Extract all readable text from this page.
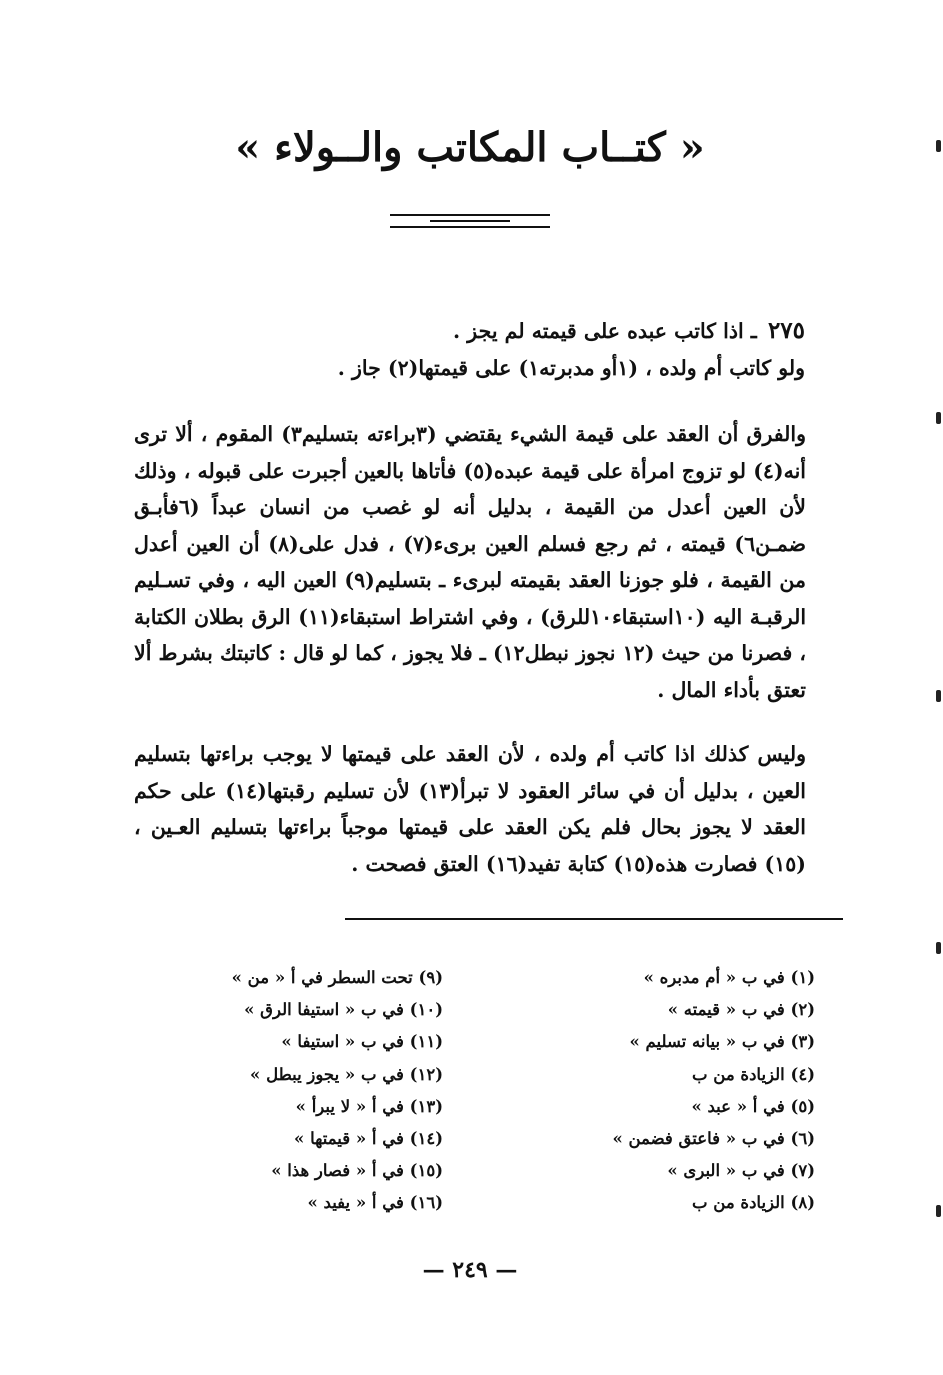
« كتــاب المكاتب والــولاء »
٢٧٥ ـ اذا كاتب عبده على قيمته لم يجز .
ولو كاتب أم ولده ، (١أو مدبرته١) على قيمتها(٢) جاز .

والفرق أن العقد على قيمة الشيء يقتضي (٣براءته بتسليم٣) المقوم ، ألا ترى أنه(٤) لو تزوج امرأة على قيمة عبده(٥) فأتاها بالعين أجبرت على قبوله ، وذلك لأن العين أعدل من القيمة ، بدليل أنه لو غصب من انسان عبداً (٦فأبـق ضمـن٦) قيمته ، ثم رجع فسلم العين برىء(٧) ، فدل على(٨) أن العين أعدل من القيمة ، فلو جوزنا العقد بقيمته لبرىء ـ بتسليم(٩) العين اليه ، وفي تسـليم الرقبـة اليه (١٠استبقاء١٠للرق) ، وفي اشتراط استبقاء(١١) الرق بطلان الكتابة ، فصرنا من حيث (١٢ نجوز نبطل١٢) ـ فلا يجوز ، كما لو قال : كاتبتك بشرط ألا تعتق بأداء المال .

وليس كذلك اذا كاتب أم ولده ، لأن العقد على قيمتها لا يوجب براءتها بتسليم العين ، بدليل أن في سائر العقود لا تبرأ(١٣) لأن تسليم رقبتها(١٤) على حكم العقد لا يجوز بحال فلم يكن العقد على قيمتها موجباً براءتها بتسليم العـين ، (١٥) فصارت هذه(١٥) كتابة تفيد(١٦) العتق فصحت .

(١) في ب « أم مدبره »
(٢) في ب « قيمته »
(٣) في ب « بيانه تسليم »
(٤) الزيادة من ب
(٥) في أ « عبد »
(٦) في ب « فاعتق فضمن »
(٧) في ب « البرى »
(٨) الزيادة من ب
(٩) تحت السطر في أ « من »
(١٠) في ب « استيفا الرق »
(١١) في ب « استيفا »
(١٢) في ب « يجوز يبطل »
(١٣) في أ « لا يبرأ »
(١٤) في أ « قيمتها »
(١٥) في أ « فصار هذا »
(١٦) في أ « يفيد »
— ٢٤٩ —
